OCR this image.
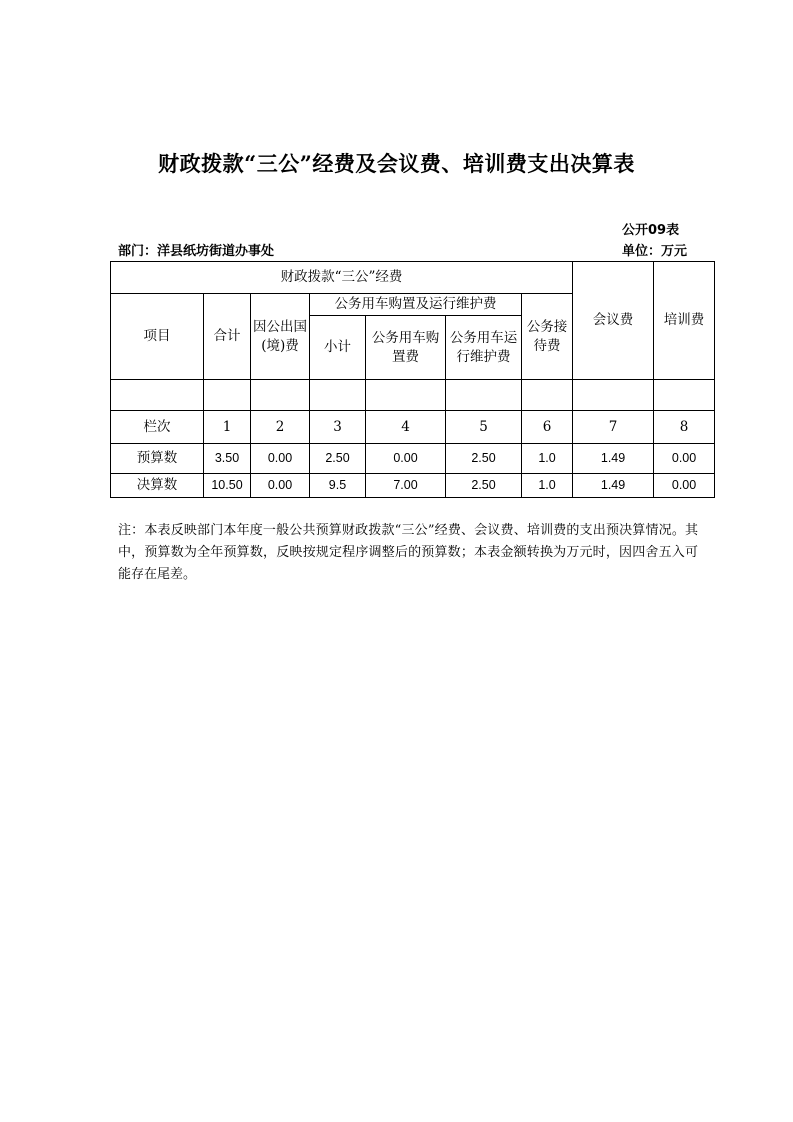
财政拨款“三公”经费及会议费、培训费支出决算表
公开09表
部门：洋县纸坊街道办事处	单位：万元
财政拨款“三公”经费							会议费	培训费
项目	合计	因公出国(境)费	公务用车购置及运行维护费			公务接待费		
			小计	公务用车购置费	公务用车运行维护费			

栏次	1	2	3	4	5	6	7	8
预算数	3.50	0.00	2.50	0.00	2.50	1.0	1.49	0.00
决算数	10.50	0.00	9.5	7.00	2.50	1.0	1.49	0.00
注：本表反映部门本年度一般公共预算财政拨款“三公”经费、会议费、培训费的支出预决算情况。其中，预算数为全年预算数，反映按规定程序调整后的预算数；本表金额转换为万元时，因四舍五入可能存在尾差。
